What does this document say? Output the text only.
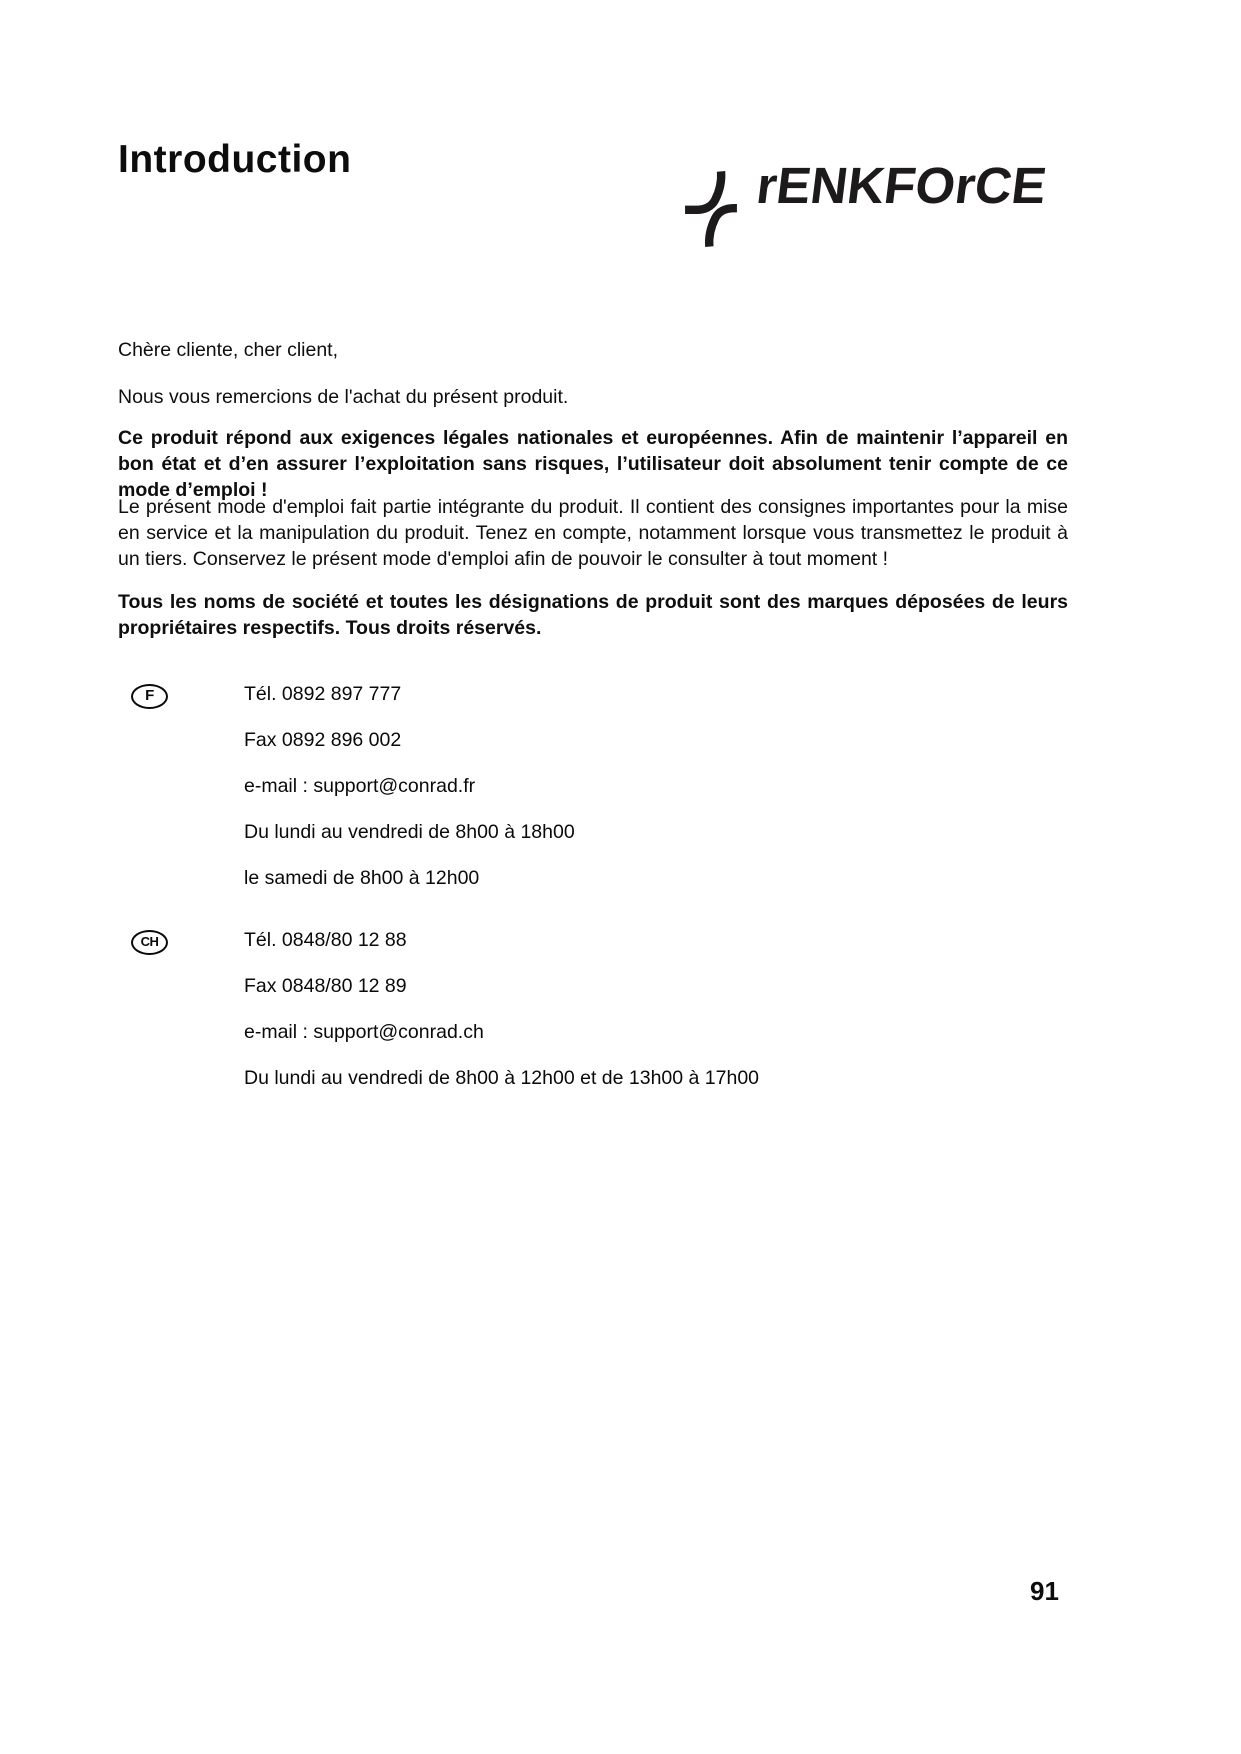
Introduction	rENKFOrCE
Chère cliente, cher client,
Nous vous remercions de l'achat du présent produit.
Ce produit répond aux exigences légales nationales et européennes. Afin de maintenir l’appareil en bon état et d’en assurer l’exploitation sans risques, l’utilisateur doit absolument tenir compte de ce mode d’emploi !
Le présent mode d'emploi fait partie intégrante du produit. Il contient des consignes importantes pour la mise en service et la manipulation du produit. Tenez en compte, notamment lorsque vous transmettez le produit à un tiers. Conservez le présent mode d'emploi afin de pouvoir le consulter à tout moment !
Tous les noms de société et toutes les désignations de produit sont des marques déposées de leurs propriétaires respectifs. Tous droits réservés.
F	Tél. 0892 897 777
Fax 0892 896 002
e-mail : support@conrad.fr
Du lundi au vendredi de 8h00 à 18h00
le samedi de 8h00 à 12h00
CH	Tél. 0848/80 12 88
Fax 0848/80 12 89
e-mail : support@conrad.ch
Du lundi au vendredi de 8h00 à 12h00 et de 13h00 à 17h00
91
